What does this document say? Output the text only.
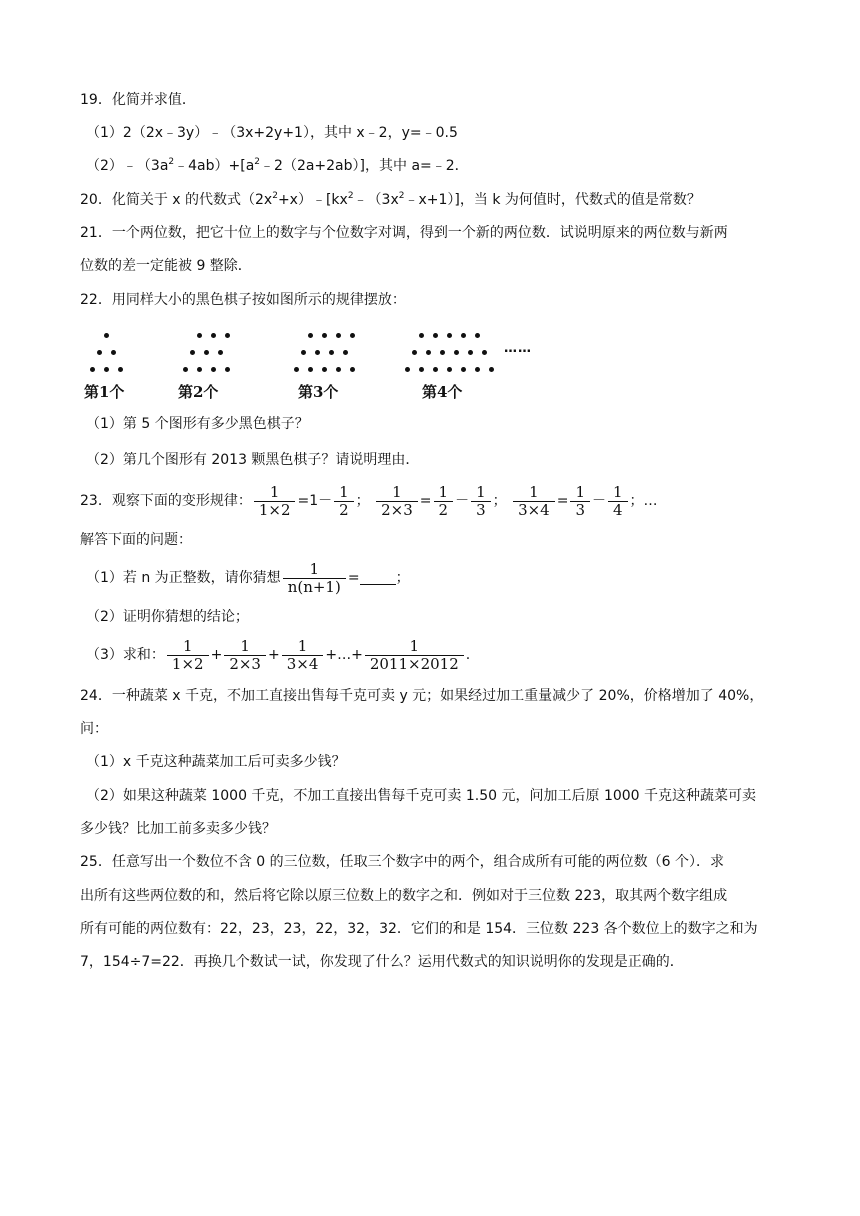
19．化简并求值．
（1）2（2x﹣3y）﹣（3x+2y+1），其中 x﹣2，y=﹣0.5
$(2)﹣(3a^2﹣4ab)+[a^2﹣2(2a+2ab)]$，其中 a=﹣2．
20．化简关于 x 的代数式$(2x^2+x)﹣[kx^2﹣(3x^2﹣x+1)]$，当 k 为何值时，代数式的值是常数？
21．一个两位数，把它十位上的数字与个位数字对调，得到一个新的两位数．试说明原来的两位数与新两
位数的差一定能被 9 整除．
22．用同样大小的黑色棋子按如图所示的规律摆放：
第1个	第2个	第3个	第4个
……
（1）第 5 个图形有多少黑色棋子？
（2）第几个图形有 2013 颗黑色棋子？请说明理由．
23．观察下面的变形规律： $\frac{1}{1\times 2} =1- \frac{1}{2}$ ； $\frac{1}{2\times 3} = \frac{1}{2} - \frac{1}{3}$ ； $\frac{1}{3\times 4} = \frac{1}{3} - \frac{1}{4}$ ；…
解答下面的问题：
（1）若 n 为正整数，请你猜想 $\frac{1}{n(n+1)}$ =	；
（2）证明你猜想的结论；
（3）求和： $\frac{1}{1\times 2} + \frac{1}{2\times 3} + \frac{1}{3\times 4}$ +…+ $\frac{1}{2011\times 2012}$ .
24．一种蔬菜 x 千克，不加工直接出售每千克可卖 y 元；如果经过加工重量减少了 20%，价格增加了 40%，
问：
（1）x 千克这种蔬菜加工后可卖多少钱？
（2）如果这种蔬菜 1000 千克，不加工直接出售每千克可卖 1.50 元，问加工后原 1000 千克这种蔬菜可卖
多少钱？比加工前多卖多少钱？
25．任意写出一个数位不含 0 的三位数，任取三个数字中的两个，组合成所有可能的两位数（6 个）．求
出所有这些两位数的和，然后将它除以原三位数上的数字之和．例如对于三位数 223，取其两个数字组成
所有可能的两位数有：22，23，23，22，32，32．它们的和是 154．三位数 223 各个数位上的数字之和为
7，154÷7=22．再换几个数试一试，你发现了什么？运用代数式的知识说明你的发现是正确的．
